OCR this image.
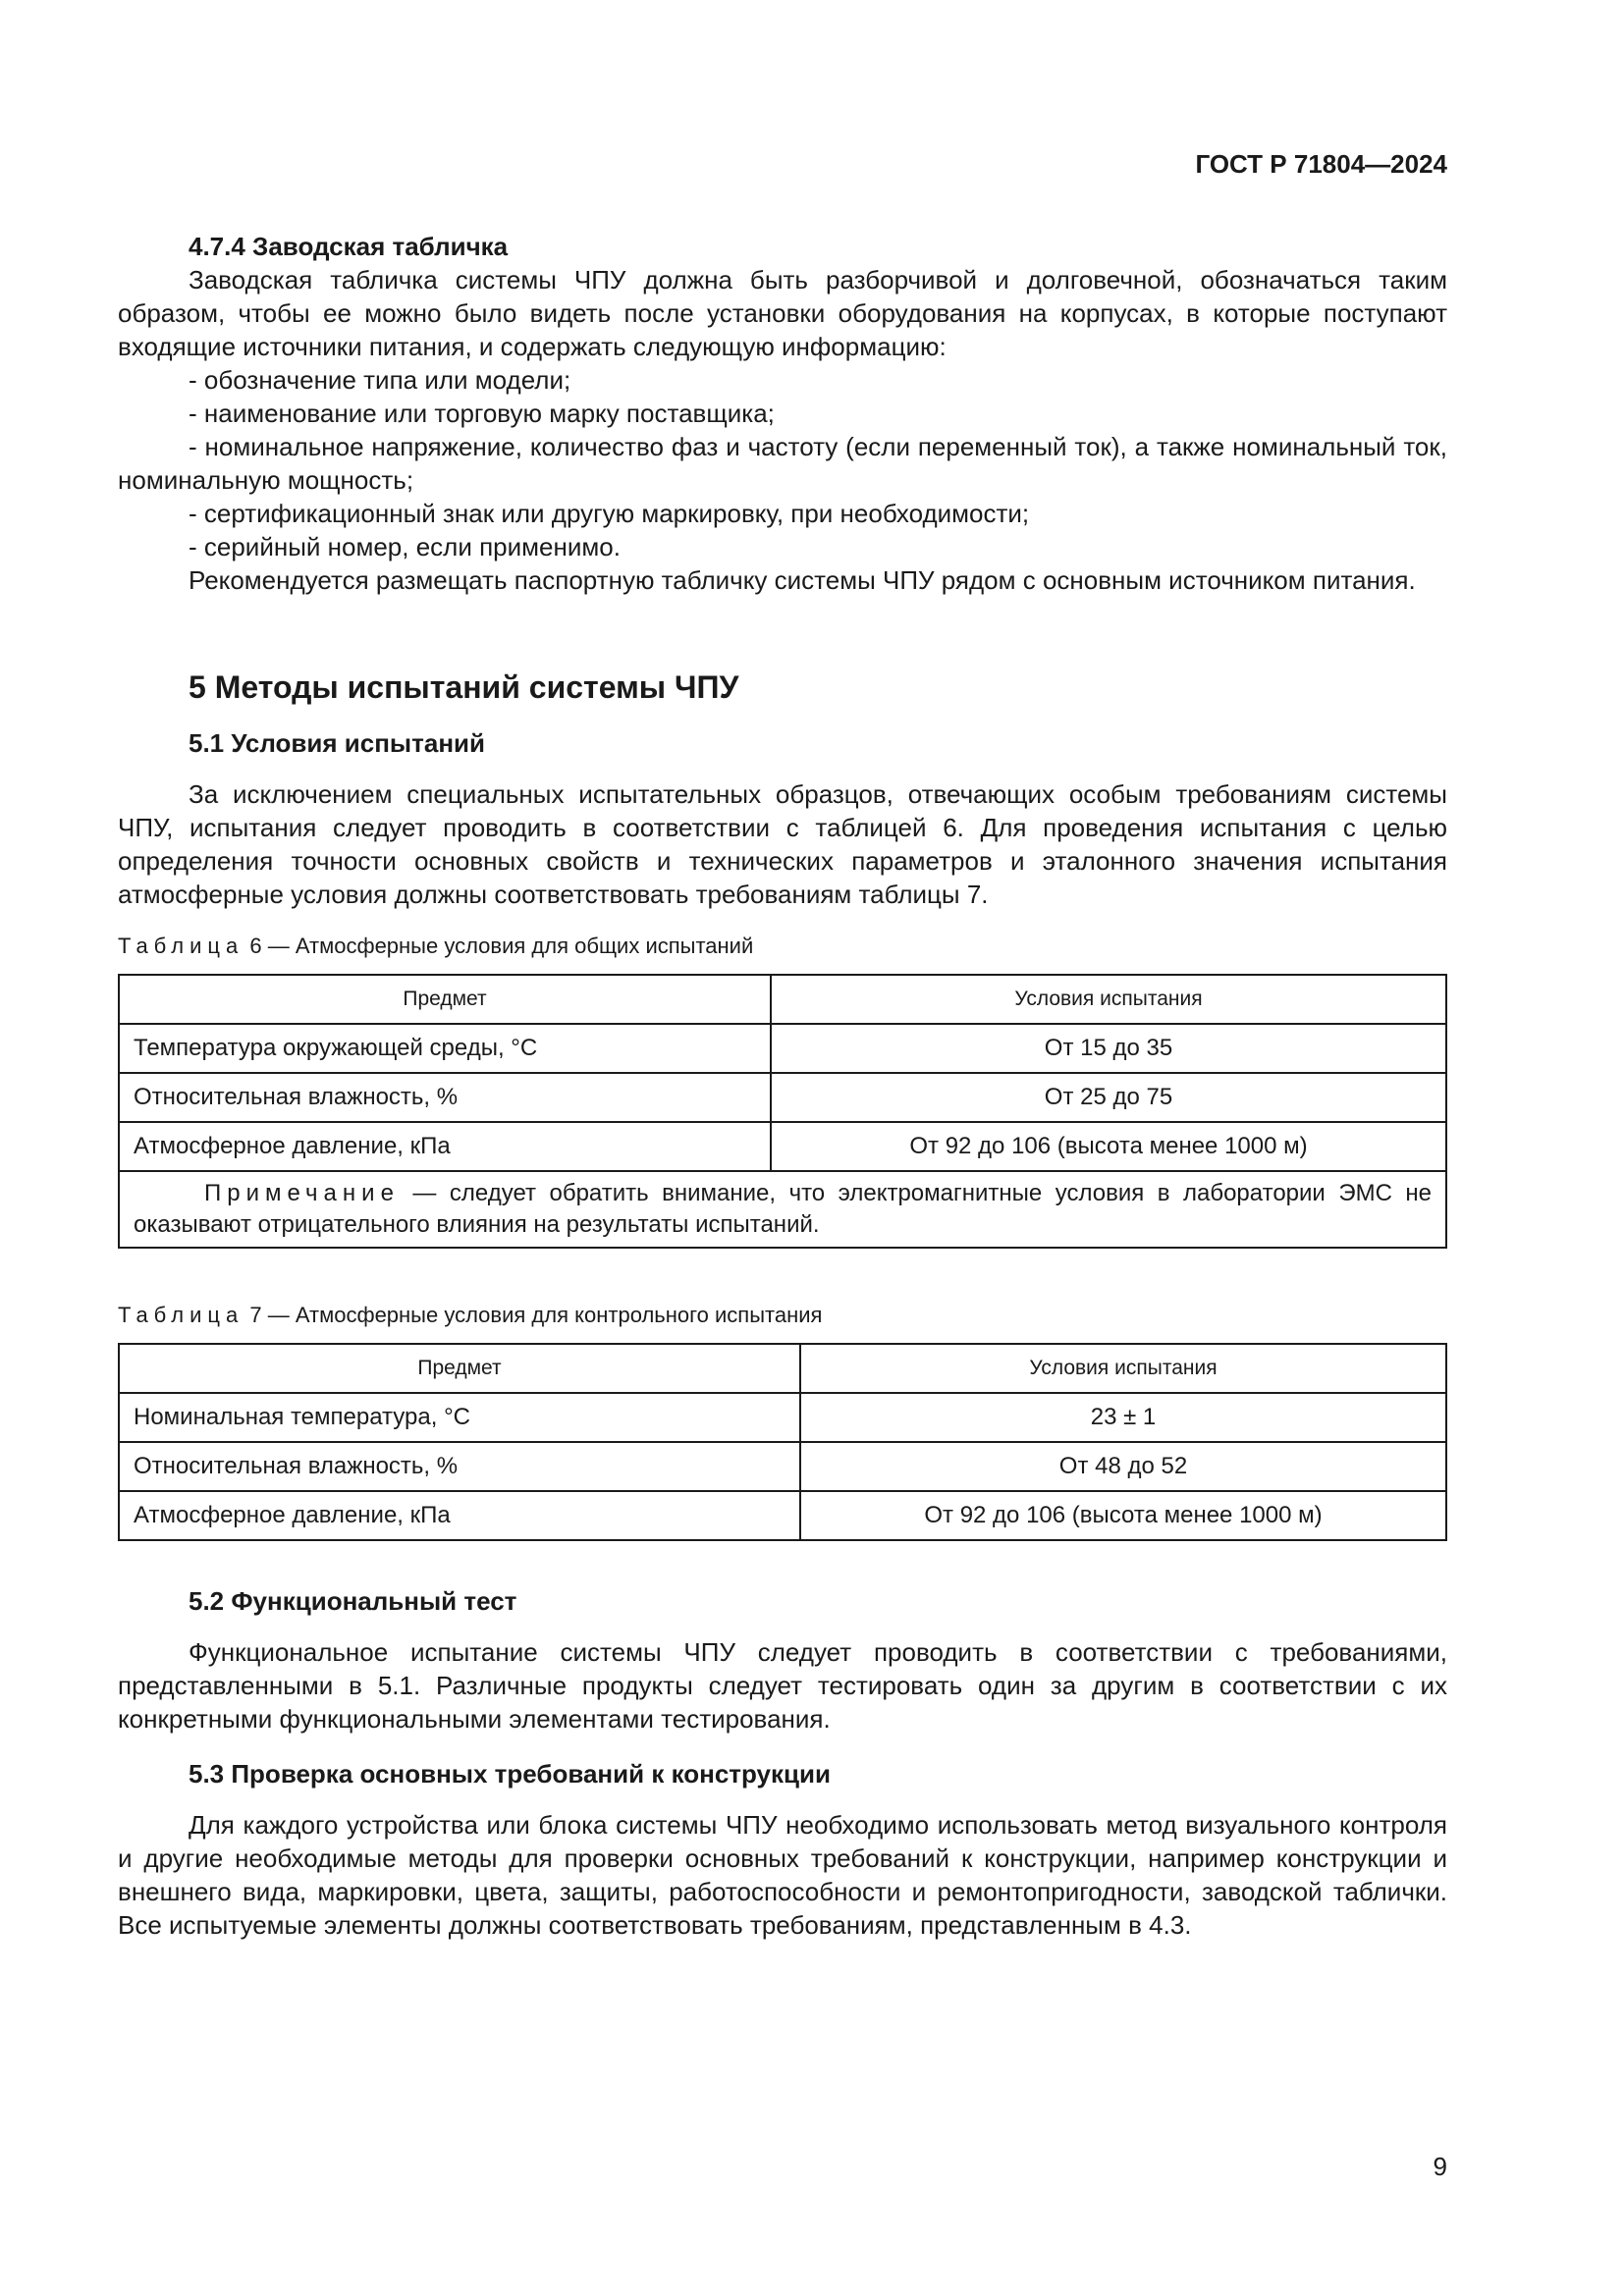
ГОСТ Р 71804—2024

4.7.4 Заводская табличка

Заводская табличка системы ЧПУ должна быть разборчивой и долговечной, обозначаться таким образом, чтобы ее можно было видеть после установки оборудования на корпусах, в которые поступают входящие источники питания, и содержать следующую информацию:

- обозначение типа или модели;
- наименование или торговую марку поставщика;
- номинальное напряжение, количество фаз и частоту (если переменный ток), а также номинальный ток, номинальную мощность;
- сертификационный знак или другую маркировку, при необходимости;
- серийный номер, если применимо.

Рекомендуется размещать паспортную табличку системы ЧПУ рядом с основным источником питания.

5 Методы испытаний системы ЧПУ

5.1 Условия испытаний

За исключением специальных испытательных образцов, отвечающих особым требованиям системы ЧПУ, испытания следует проводить в соответствии с таблицей 6. Для проведения испытания с целью определения точности основных свойств и технических параметров и эталонного значения испытания атмосферные условия должны соответствовать требованиям таблицы 7.

Таблица 6 — Атмосферные условия для общих испытаний

Предмет	Условия испытания
Температура окружающей среды, °С	От 15 до 35
Относительная влажность, %	От 25 до 75
Атмосферное давление, кПа	От 92 до 106 (высота менее 1000 м)
Примечание — следует обратить внимание, что электромагнитные условия в лаборатории ЭМС не оказывают отрицательного влияния на результаты испытаний.	

Таблица 7 — Атмосферные условия для контрольного испытания

Предмет	Условия испытания
Номинальная температура, °С	23 ± 1
Относительная влажность, %	От 48 до 52
Атмосферное давление, кПа	От 92 до 106 (высота менее 1000 м)

5.2 Функциональный тест

Функциональное испытание системы ЧПУ следует проводить в соответствии с требованиями, представленными в 5.1. Различные продукты следует тестировать один за другим в соответствии с их конкретными функциональными элементами тестирования.

5.3 Проверка основных требований к конструкции

Для каждого устройства или блока системы ЧПУ необходимо использовать метод визуального контроля и другие необходимые методы для проверки основных требований к конструкции, например конструкции и внешнего вида, маркировки, цвета, защиты, работоспособности и ремонтопригодности, заводской таблички. Все испытуемые элементы должны соответствовать требованиям, представленным в 4.3.

9
